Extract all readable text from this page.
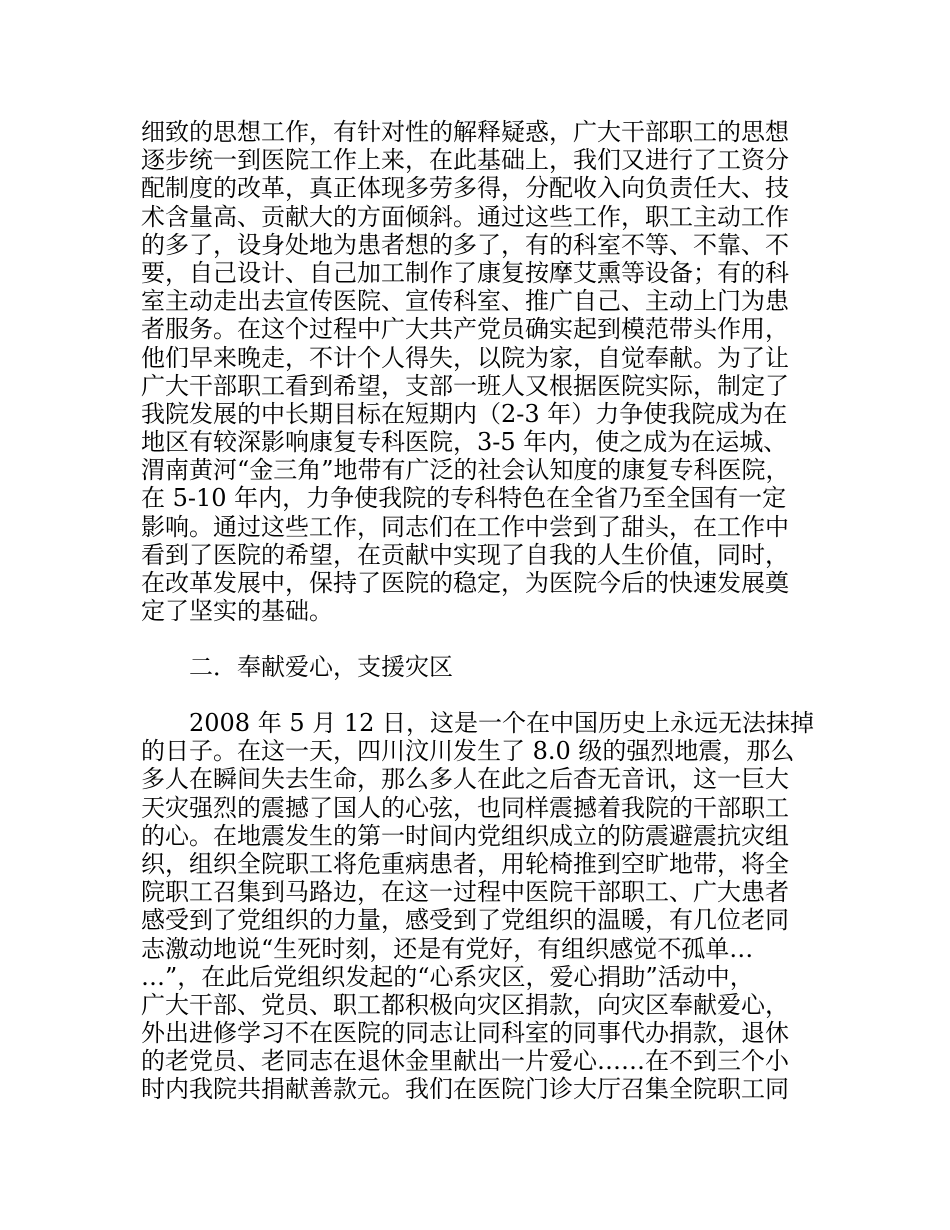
细致的思想工作，有针对性的解释疑惑，广大干部职工的思想
逐步统一到医院工作上来，在此基础上，我们又进行了工资分
配制度的改革，真正体现多劳多得，分配收入向负责任大、技
术含量高、贡献大的方面倾斜。通过这些工作，职工主动工作
的多了，设身处地为患者想的多了，有的科室不等、不靠、不
要，自己设计、自己加工制作了康复按摩艾熏等设备；有的科
室主动走出去宣传医院、宣传科室、推广自己、主动上门为患
者服务。在这个过程中广大共产党员确实起到模范带头作用，
他们早来晚走，不计个人得失，以院为家，自觉奉献。为了让
广大干部职工看到希望，支部一班人又根据医院实际，制定了
我院发展的中长期目标在短期内（2-3 年）力争使我院成为在
地区有较深影响康复专科医院，3-5 年内，使之成为在运城、
渭南黄河“金三角”地带有广泛的社会认知度的康复专科医院，
在 5-10 年内，力争使我院的专科特色在全省乃至全国有一定
影响。通过这些工作，同志们在工作中尝到了甜头，在工作中
看到了医院的希望，在贡献中实现了自我的人生价值，同时，
在改革发展中，保持了医院的稳定，为医院今后的快速发展奠
定了坚实的基础。
二．奉献爱心，支援灾区
2008 年 5 月 12 日，这是一个在中国历史上永远无法抹掉
的日子。在这一天，四川汶川发生了 8.0 级的强烈地震，那么
多人在瞬间失去生命，那么多人在此之后杳无音讯，这一巨大
天灾强烈的震撼了国人的心弦，也同样震撼着我院的干部职工
的心。在地震发生的第一时间内党组织成立的防震避震抗灾组
织，组织全院职工将危重病患者，用轮椅推到空旷地带，将全
院职工召集到马路边，在这一过程中医院干部职工、广大患者
感受到了党组织的力量，感受到了党组织的温暖，有几位老同
志激动地说“生死时刻，还是有党好，有组织感觉不孤单…
…”，在此后党组织发起的“心系灾区，爱心捐助”活动中，
广大干部、党员、职工都积极向灾区捐款，向灾区奉献爱心，
外出进修学习不在医院的同志让同科室的同事代办捐款，退休
的老党员、老同志在退休金里献出一片爱心……在不到三个小
时内我院共捐献善款元。我们在医院门诊大厅召集全院职工同
